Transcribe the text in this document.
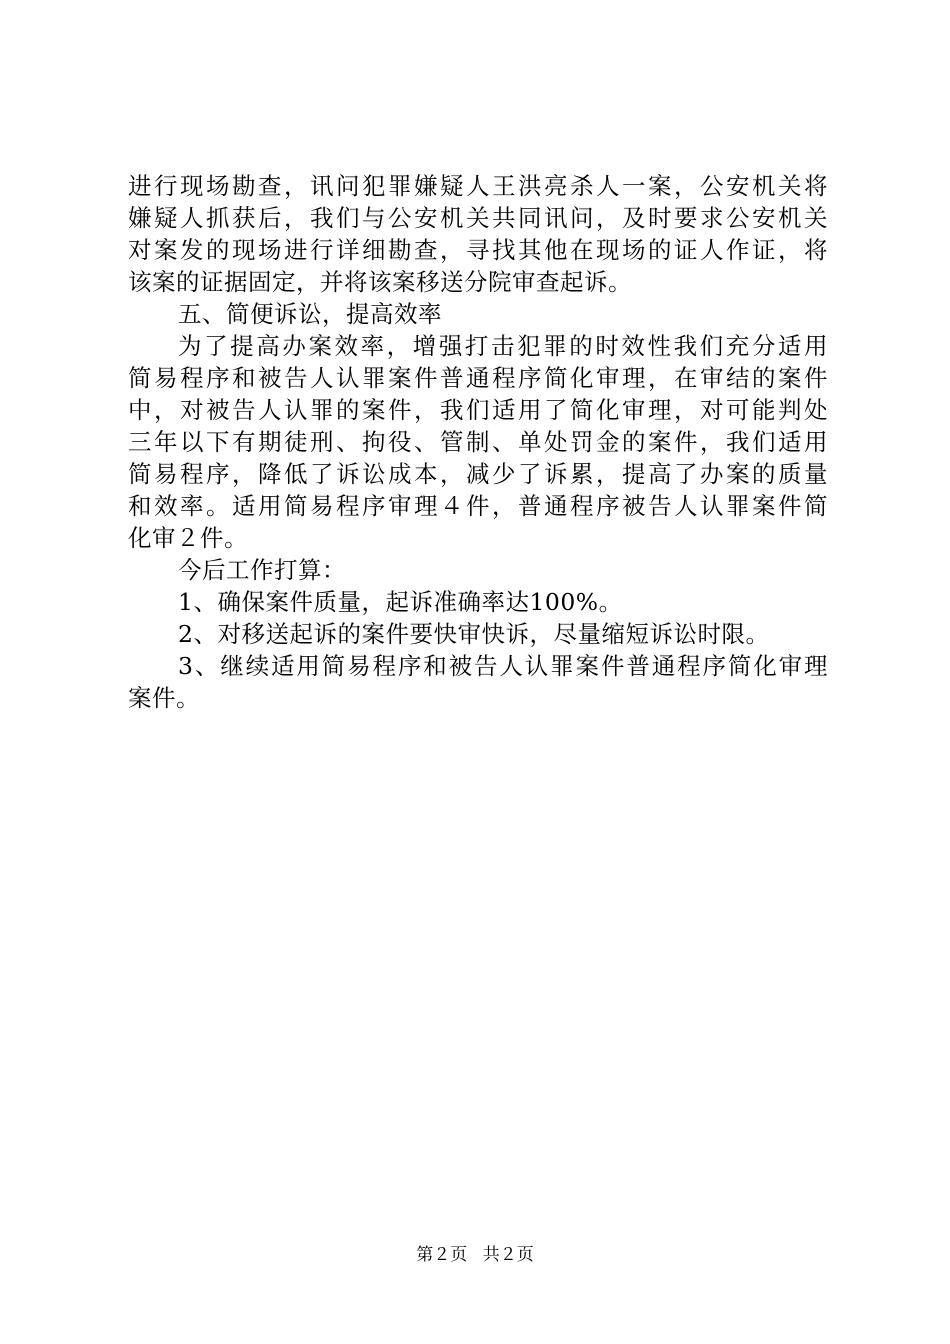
进行现场勘查，讯问犯罪嫌疑人王洪亮杀人一案，公安机关将
嫌疑人抓获后，我们与公安机关共同讯问，及时要求公安机关
对案发的现场进行详细勘查，寻找其他在现场的证人作证，将
该案的证据固定，并将该案移送分院审查起诉。
五、简便诉讼，提高效率
为了提高办案效率，增强打击犯罪的时效性我们充分适用
简易程序和被告人认罪案件普通程序简化审理，在审结的案件
中，对被告人认罪的案件，我们适用了简化审理，对可能判处
三年以下有期徒刑、拘役、管制、单处罚金的案件，我们适用
简易程序，降低了诉讼成本，减少了诉累，提高了办案的质量
和效率。适用简易程序审理４件，普通程序被告人认罪案件简
化审２件。
今后工作打算：
1、确保案件质量，起诉准确率达100%。
2、对移送起诉的案件要快审快诉，尽量缩短诉讼时限。
3、继续适用简易程序和被告人认罪案件普通程序简化审理
案件。
第２页 共２页
